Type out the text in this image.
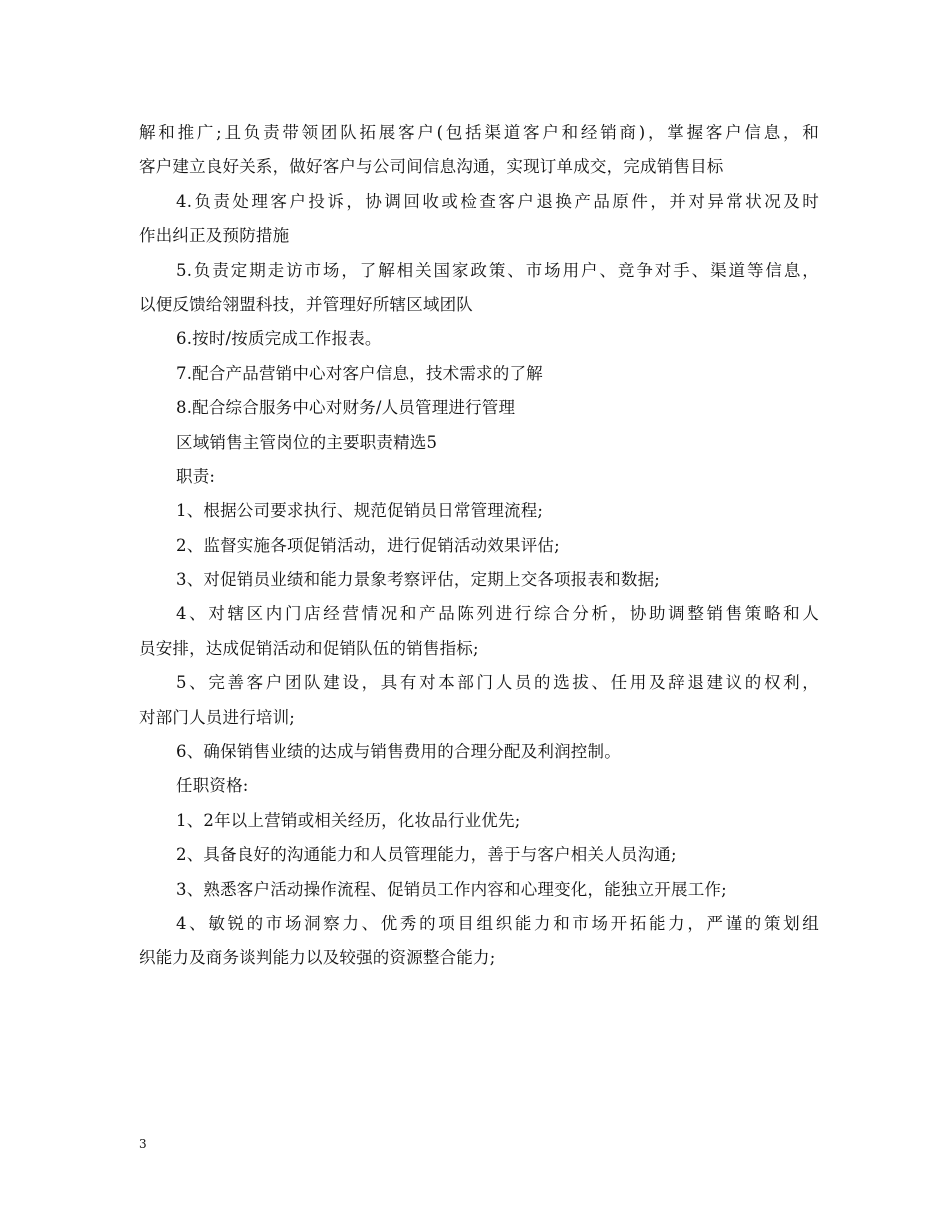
解和推广;且负责带领团队拓展客户(包括渠道客户和经销商)，掌握客户信息，和
客户建立良好关系，做好客户与公司间信息沟通，实现订单成交，完成销售目标
4.负责处理客户投诉，协调回收或检查客户退换产品原件，并对异常状况及时
作出纠正及预防措施
5.负责定期走访市场，了解相关国家政策、市场用户、竞争对手、渠道等信息，
以便反馈给翎盟科技，并管理好所辖区域团队
6.按时/按质完成工作报表。
7.配合产品营销中心对客户信息，技术需求的了解
8.配合综合服务中心对财务/人员管理进行管理
区域销售主管岗位的主要职责精选5
职责:
1、根据公司要求执行、规范促销员日常管理流程;
2、监督实施各项促销活动，进行促销活动效果评估;
3、对促销员业绩和能力景象考察评估，定期上交各项报表和数据;
4、对辖区内门店经营情况和产品陈列进行综合分析，协助调整销售策略和人
员安排，达成促销活动和促销队伍的销售指标;
5、完善客户团队建设，具有对本部门人员的选拔、任用及辞退建议的权利，
对部门人员进行培训;
6、确保销售业绩的达成与销售费用的合理分配及利润控制。
任职资格:
1、2年以上营销或相关经历，化妆品行业优先;
2、具备良好的沟通能力和人员管理能力，善于与客户相关人员沟通;
3、熟悉客户活动操作流程、促销员工作内容和心理变化，能独立开展工作;
4、敏锐的市场洞察力、优秀的项目组织能力和市场开拓能力，严谨的策划组
织能力及商务谈判能力以及较强的资源整合能力;
3
